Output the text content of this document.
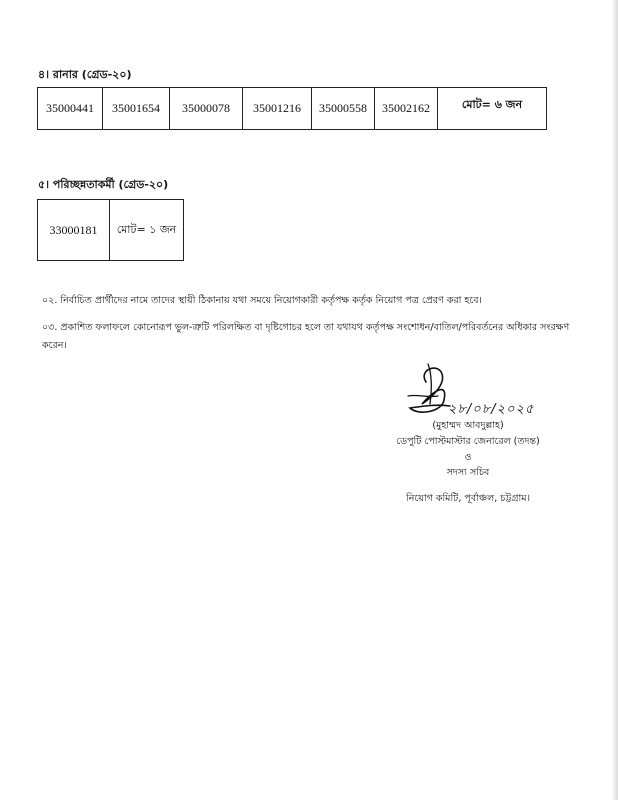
৪। রানার (গ্রেড-২০)
35000441	35001654	35000078	35001216	35000558	35002162	মোট= ৬ জন
৫। পরিচ্ছন্নতাকর্মী (গ্রেড-২০)
33000181	মোট= ১ জন
০২. নির্বাচিত প্রার্থীদের নামে তাদের স্থায়ী ঠিকানায় যথা সময়ে নিয়োগকারী কর্তৃপক্ষ কর্তৃক নিয়োগ পত্র প্রেরণ করা হবে।
০৩. প্রকাশিত ফলাফলে কোনোরূপ ভুল-ত্রুটি পরিলক্ষিত বা দৃষ্টিগোচর হলে তা যথাযথ কর্তৃপক্ষ সংশোধন/বাতিল/পরিবর্তনের অধিকার সংরক্ষণ
করেন।
২৮/০৮/২০২৫
(মুহাম্মদ আবদুল্লাহ)
ডেপুটি পোস্টমাস্টার জেনারেল (তদন্ত)
ও
সদস্য সচিব
নিয়োগ কমিটি, পূর্বাঞ্চল, চট্টগ্রাম।
